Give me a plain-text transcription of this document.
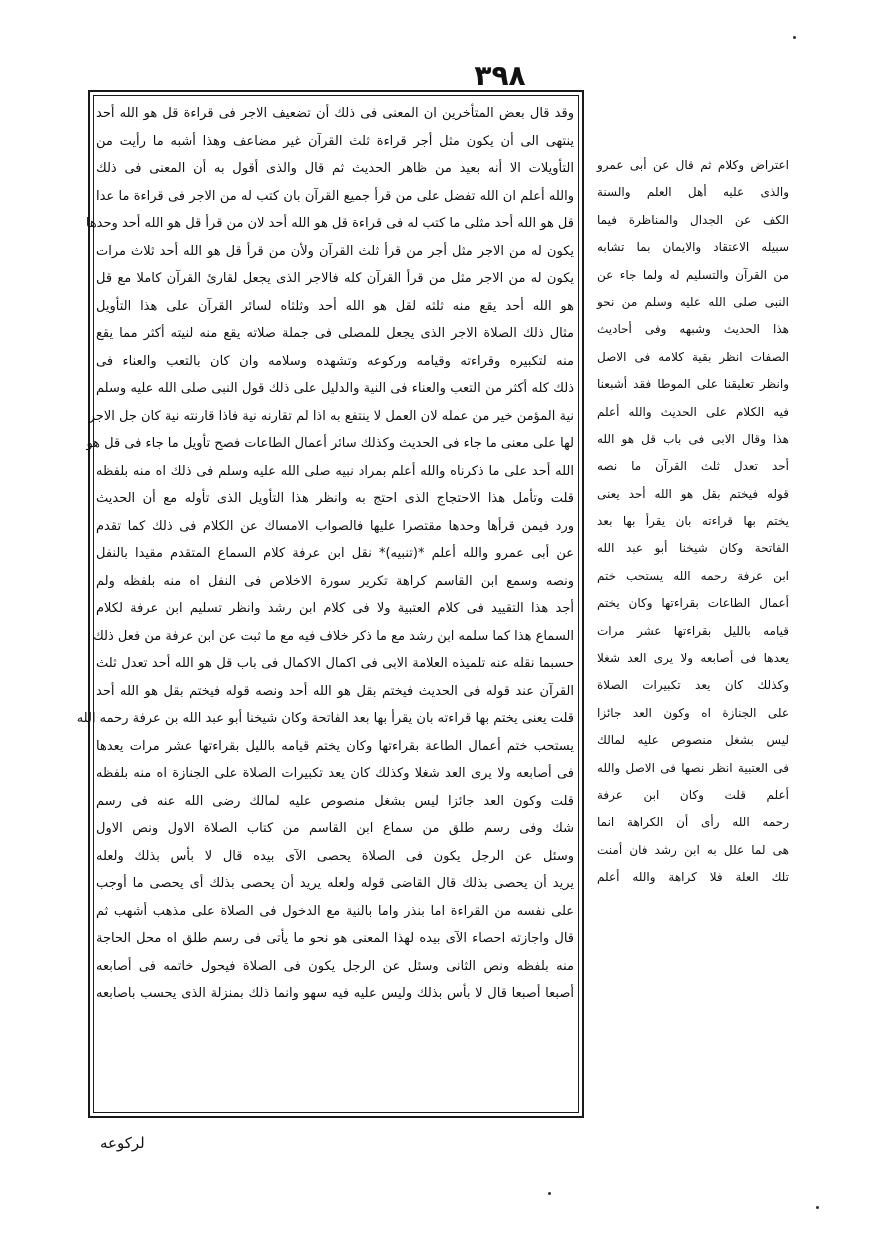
٣٩٨
وقد قال بعض المتأخرين ان المعنى فى ذلك أن تضعيف الاجر فى قراءة قل هو الله أحد
ينتهى الى أن يكون مثل أجر قراءة ثلث القرآن غير مضاعف وهذا أشبه ما رأيت من
التأويلات الا أنه بعيد من ظاهر الحديث ثم قال والذى أقول به أن المعنى فى ذلك
والله أعلم ان الله تفضل على من قرأ جميع القرآن بان كتب له من الاجر فى قراءة ما عدا
قل هو الله أحد مثلى ما كتب له فى قراءة قل هو الله أحد لان من قرأ قل هو الله أحد وحدها
يكون له من الاجر مثل أجر من قرأ ثلث القرآن ولأن من قرأ قل هو الله أحد ثلاث مرات
يكون له من الاجر مثل من قرأ القرآن كله فالاجر الذى يجعل لقارئ القرآن كاملا مع قل
هو الله أحد يقع منه ثلثه لقل هو الله أحد وثلثاه لسائر القرآن على هذا التأويل
مثال ذلك الصلاة الاجر الذى يجعل للمصلى فى جملة صلاته يقع منه لنيته أكثر مما يقع
منه لتكبيره وقراءته وقيامه وركوعه وتشهده وسلامه وان كان بالتعب والعناء فى
ذلك كله أكثر من التعب والعناء فى النية والدليل على ذلك قول النبى صلى الله عليه وسلم
نية المؤمن خير من عمله لان العمل لا ينتفع به اذا لم تقارنه نية فاذا قارنته نية كان جل الاجر
لها على معنى ما جاء فى الحديث وكذلك سائر أعمال الطاعات فصح تأويل ما جاء فى قل هو
الله أحد على ما ذكرناه والله أعلم بمراد نبيه صلى الله عليه وسلم فى ذلك اه منه بلفظه
قلت وتأمل هذا الاحتجاج الذى احتج به وانظر هذا التأويل الذى تأوله مع أن الحديث
ورد فيمن قرأها وحدها مقتصرا عليها فالصواب الامساك عن الكلام فى ذلك كما تقدم
عن أبى عمرو والله أعلم *(تنبيه)* نقل ابن عرفة كلام السماع المتقدم مقيدا بالنفل
ونصه وسمع ابن القاسم كراهة تكرير سورة الاخلاص فى النفل اه منه بلفظه ولم
أجد هذا التقييد فى كلام العتبية ولا فى كلام ابن رشد وانظر تسليم ابن عرفة لكلام
السماع هذا كما سلمه ابن رشد مع ما ذكر خلاف فيه مع ما ثبت عن ابن عرفة من فعل ذلك
حسبما نقله عنه تلميذه العلامة الابى فى اكمال الاكمال فى باب قل هو الله أحد تعدل ثلث
القرآن عند قوله فى الحديث فيختم بقل هو الله أحد ونصه قوله فيختم بقل هو الله أحد
قلت يعنى يختم بها قراءته بان يقرأ بها بعد الفاتحة وكان شيخنا أبو عبد الله بن عرفة رحمه الله
يستحب ختم أعمال الطاعة بقراءتها وكان يختم قيامه بالليل بقراءتها عشر مرات يعدها
فى أصابعه ولا يرى العد شغلا وكذلك كان يعد تكبيرات الصلاة على الجنازة اه منه بلفظه
قلت وكون العد جائزا ليس بشغل منصوص عليه لمالك رضى الله عنه فى رسم
شك وفى رسم طلق من سماع ابن القاسم من كتاب الصلاة الاول ونص الاول
وسئل عن الرجل يكون فى الصلاة يحصى الآى بيده قال لا بأس بذلك ولعله
يريد أن يحصى بذلك قال القاضى قوله ولعله يريد أن يحصى بذلك أى يحصى ما أوجب
على نفسه من القراءة اما بنذر واما بالنية مع الدخول فى الصلاة على مذهب أشهب ثم
قال واجازته احصاء الآى بيده لهذا المعنى هو نحو ما يأتى فى رسم طلق اه محل الحاجة
منه بلفظه ونص الثانى وسئل عن الرجل يكون فى الصلاة فيحول خاتمه فى أصابعه
أصبعا أصبعا قال لا بأس بذلك وليس عليه فيه سهو وانما ذلك بمنزلة الذى يحسب باصابعه
اعتراض وكلام ثم قال عن أبى عمرو
والذى عليه أهل العلم والسنة
الكف عن الجدال والمناظرة فيما
سبيله الاعتقاد والايمان بما تشابه
من القرآن والتسليم له ولما جاء عن
النبى صلى الله عليه وسلم من نحو
هذا الحديث وشبهه وفى أحاديث
الصفات انظر بقية كلامه فى الاصل
وانظر تعليقنا على الموطا فقد أشبعنا
فيه الكلام على الحديث والله أعلم
هذا وقال الابى فى باب قل هو الله
أحد تعدل ثلث القرآن ما نصه
قوله فيختم بقل هو الله أحد يعنى
يختم بها قراءته بان يقرأ بها بعد
الفاتحة وكان شيخنا أبو عبد الله
ابن عرفة رحمه الله يستحب ختم
أعمال الطاعات بقراءتها وكان يختم
قيامه بالليل بقراءتها عشر مرات
يعدها فى أصابعه ولا يرى العد شغلا
وكذلك كان يعد تكبيرات الصلاة
على الجنازة اه وكون العد جائزا
ليس بشغل منصوص عليه لمالك
فى العتبية انظر نصها فى الاصل والله
أعلم قلت وكان ابن عرفة
رحمه الله رأى أن الكراهة انما
هى لما علل به ابن رشد فان أمنت
تلك العلة فلا كراهة والله أعلم
لركوعه
